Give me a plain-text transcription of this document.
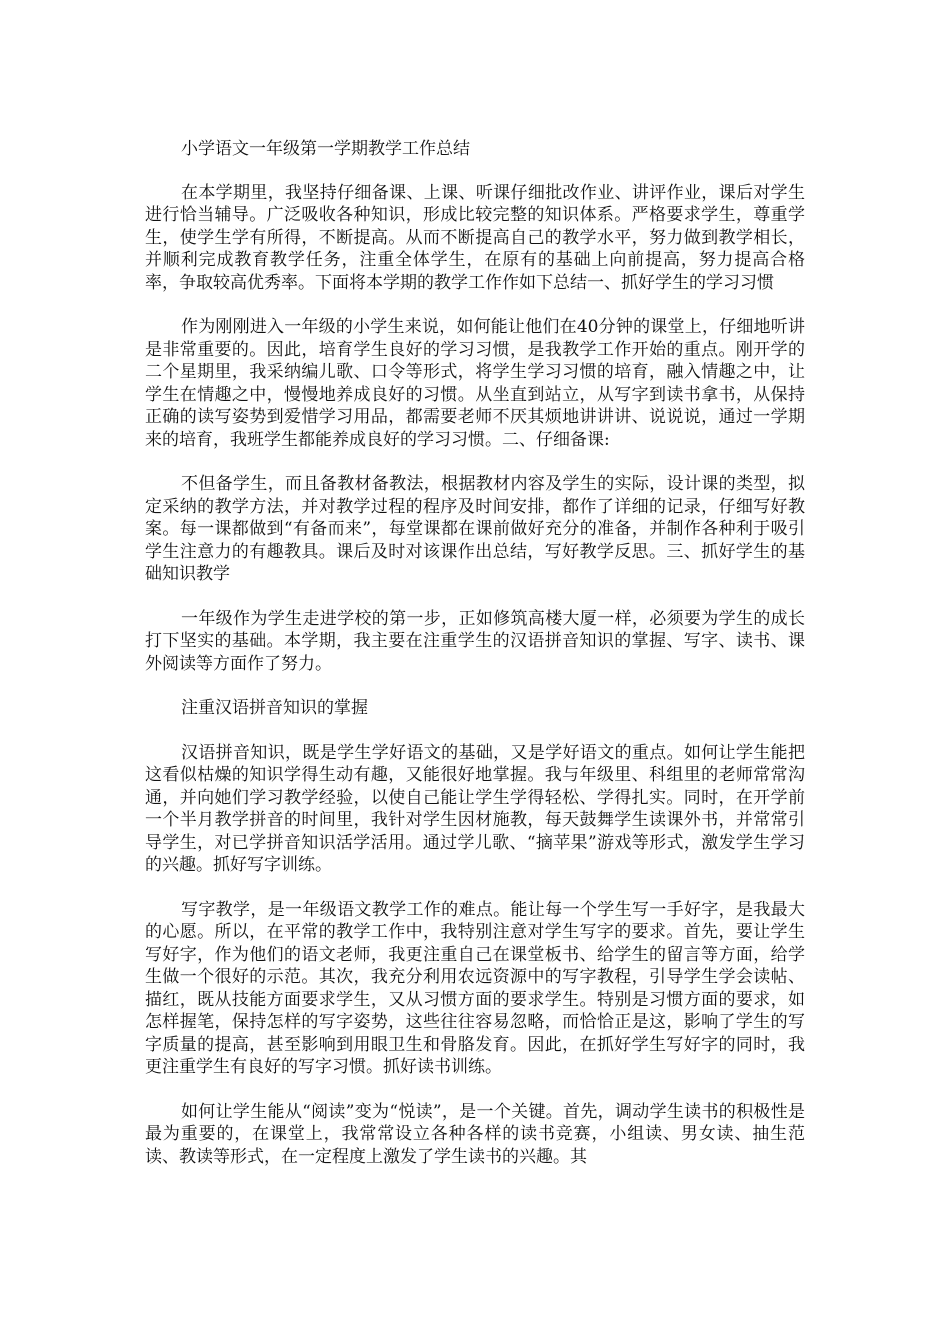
小学语文一年级第一学期教学工作总结

在本学期里，我坚持仔细备课、上课、听课仔细批改作业、讲评作业，课后对学生进行恰当辅导。广泛吸收各种知识，形成比较完整的知识体系。严格要求学生，尊重学生，使学生学有所得，不断提高。从而不断提高自己的教学水平，努力做到教学相长，并顺利完成教育教学任务，注重全体学生，在原有的基础上向前提高，努力提高合格率，争取较高优秀率。下面将本学期的教学工作作如下总结一、抓好学生的学习习惯

作为刚刚进入一年级的小学生来说，如何能让他们在40分钟的课堂上，仔细地听讲是非常重要的。因此，培育学生良好的学习习惯，是我教学工作开始的重点。刚开学的二个星期里，我采纳编儿歌、口令等形式，将学生学习习惯的培育，融入情趣之中，让学生在情趣之中，慢慢地养成良好的习惯。从坐直到站立，从写字到读书拿书，从保持正确的读写姿势到爱惜学习用品，都需要老师不厌其烦地讲讲讲、说说说，通过一学期来的培育，我班学生都能养成良好的学习习惯。二、仔细备课:

不但备学生，而且备教材备教法，根据教材内容及学生的实际，设计课的类型，拟定采纳的教学方法，并对教学过程的程序及时间安排，都作了详细的记录，仔细写好教案。每一课都做到“有备而来”，每堂课都在课前做好充分的准备，并制作各种利于吸引学生注意力的有趣教具。课后及时对该课作出总结，写好教学反思。三、抓好学生的基础知识教学

一年级作为学生走进学校的第一步，正如修筑高楼大厦一样，必须要为学生的成长打下坚实的基础。本学期，我主要在注重学生的汉语拼音知识的掌握、写字、读书、课外阅读等方面作了努力。

注重汉语拼音知识的掌握

汉语拼音知识，既是学生学好语文的基础，又是学好语文的重点。如何让学生能把这看似枯燥的知识学得生动有趣，又能很好地掌握。我与年级里、科组里的老师常常沟通，并向她们学习教学经验，以使自己能让学生学得轻松、学得扎实。同时，在开学前一个半月教学拼音的时间里，我针对学生因材施教，每天鼓舞学生读课外书，并常常引导学生，对已学拼音知识活学活用。通过学儿歌、“摘苹果”游戏等形式，激发学生学习的兴趣。抓好写字训练。

写字教学，是一年级语文教学工作的难点。能让每一个学生写一手好字，是我最大的心愿。所以，在平常的教学工作中，我特别注意对学生写字的要求。首先，要让学生写好字，作为他们的语文老师，我更注重自己在课堂板书、给学生的留言等方面，给学生做一个很好的示范。其次，我充分利用农远资源中的写字教程，引导学生学会读帖、描红，既从技能方面要求学生，又从习惯方面的要求学生。特别是习惯方面的要求，如怎样握笔，保持怎样的写字姿势，这些往往容易忽略，而恰恰正是这，影响了学生的写字质量的提高，甚至影响到用眼卫生和骨胳发育。因此，在抓好学生写好字的同时，我更注重学生有良好的写字习惯。抓好读书训练。

如何让学生能从“阅读”变为“悦读”，是一个关键。首先，调动学生读书的积极性是最为重要的，在课堂上，我常常设立各种各样的读书竞赛，小组读、男女读、抽生范读、教读等形式，在一定程度上激发了学生读书的兴趣。其
